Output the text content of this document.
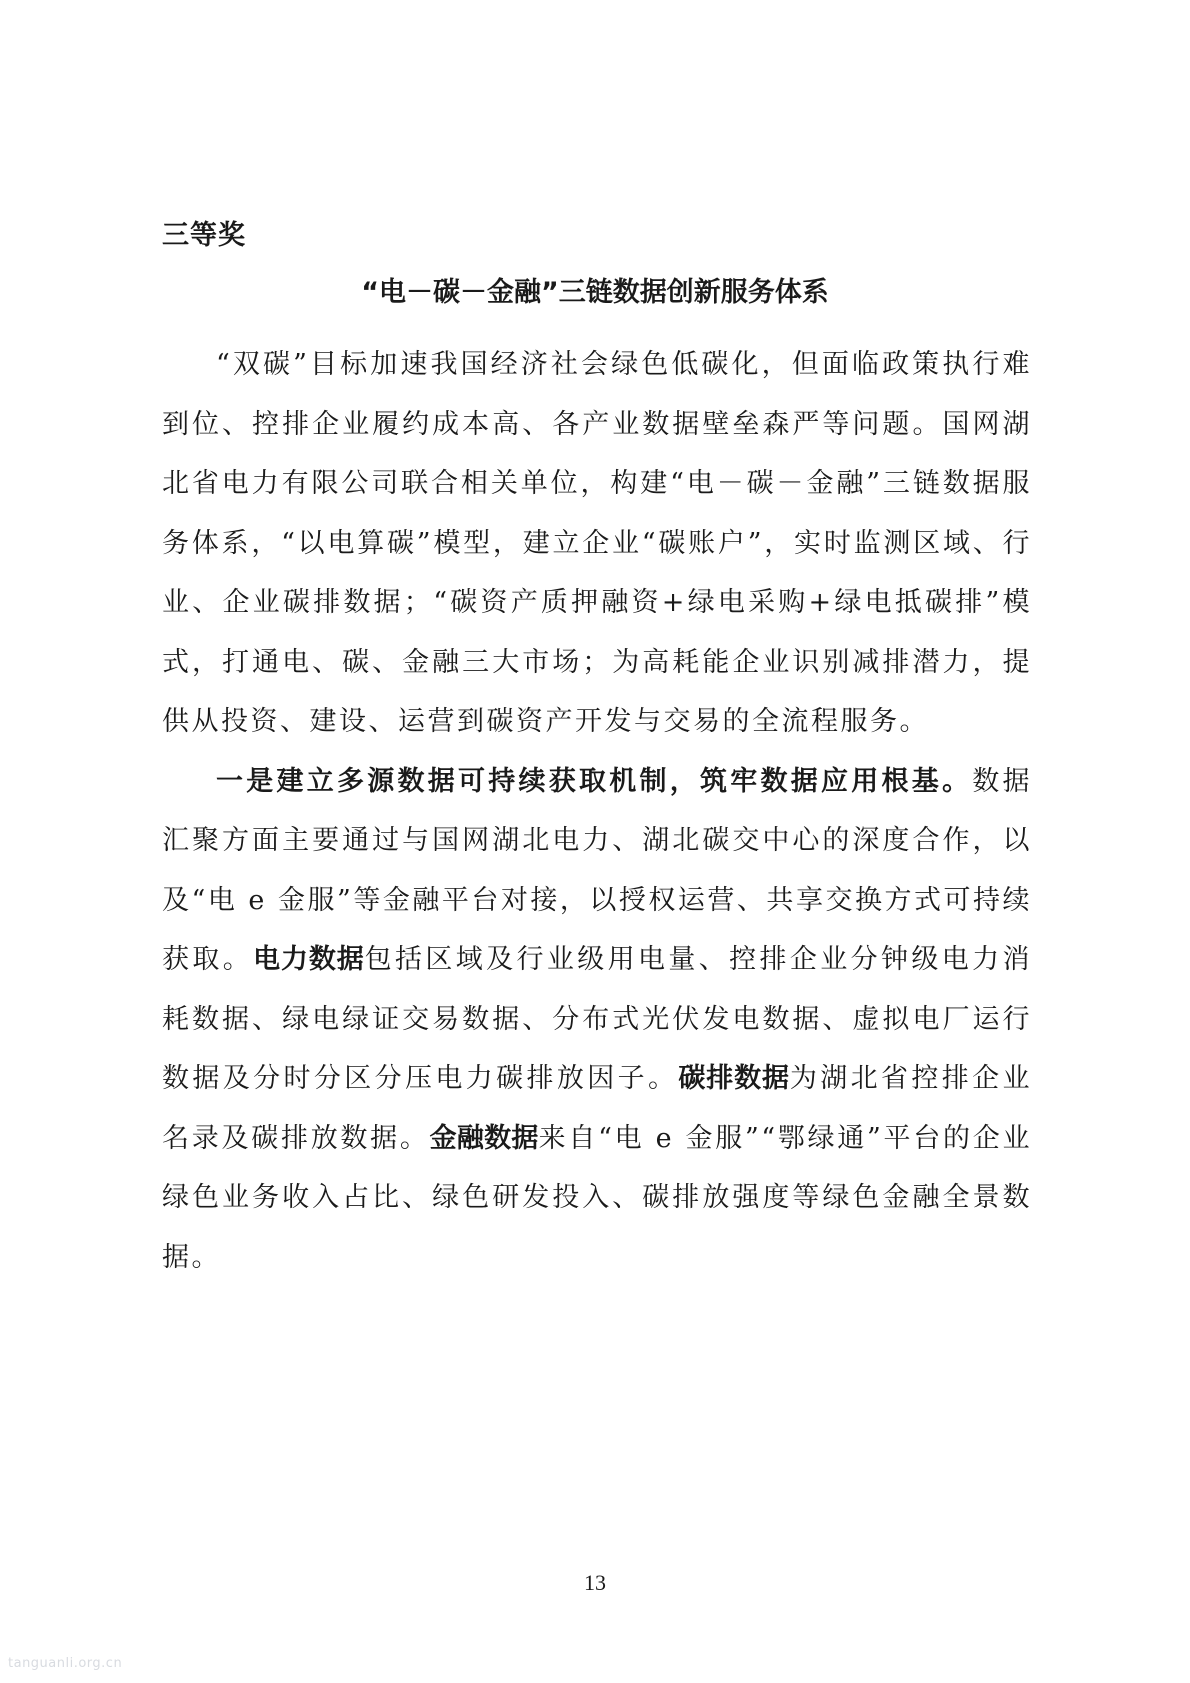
三等奖
“电－碳－金融”三链数据创新服务体系

“双碳”目标加速我国经济社会绿色低碳化，但面临政策执行难到位、控排企业履约成本高、各产业数据壁垒森严等问题。国网湖北省电力有限公司联合相关单位，构建“电－碳－金融”三链数据服务体系，“以电算碳”模型，建立企业“碳账户”，实时监测区域、行业、企业碳排数据；“碳资产质押融资+绿电采购+绿电抵碳排”模式，打通电、碳、金融三大市场；为高耗能企业识别减排潜力，提供从投资、建设、运营到碳资产开发与交易的全流程服务。

一是建立多源数据可持续获取机制，筑牢数据应用根基。数据汇聚方面主要通过与国网湖北电力、湖北碳交中心的深度合作，以及“电 e 金服”等金融平台对接，以授权运营、共享交换方式可持续获取。电力数据包括区域及行业级用电量、控排企业分钟级电力消耗数据、绿电绿证交易数据、分布式光伏发电数据、虚拟电厂运行数据及分时分区分压电力碳排放因子。碳排数据为湖北省控排企业名录及碳排放数据。金融数据来自“电 e 金服”“鄂绿通”平台的企业绿色业务收入占比、绿色研发投入、碳排放强度等绿色金融全景数据。

13
tanguanli.org.cn
